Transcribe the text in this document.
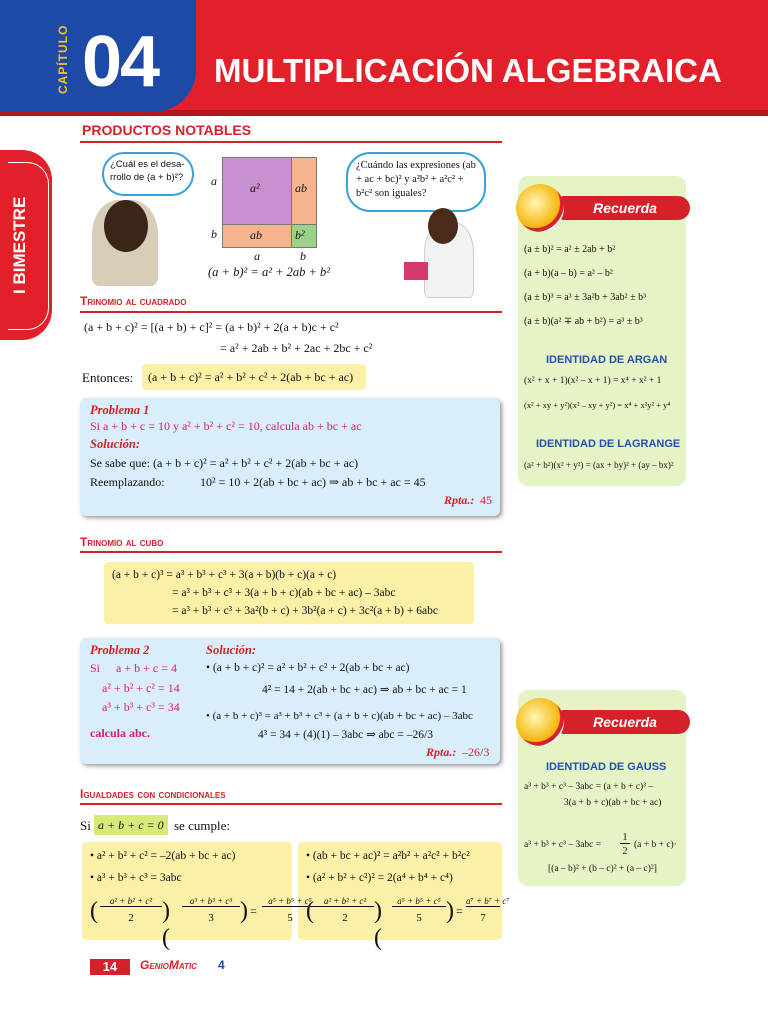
CAPÍTULO 04 MULTIPLICACIÓN ALGEBRAICA
I BIMESTRE
PRODUCTOS NOTABLES
¿Cuál es el desa-rrollo de (a + b)²?	a
b
a²	ab
ab	b²
a	b
(a + b)² = a² + 2ab + b²
¿Cuándo las expresiones (ab + ac + bc)² y a²b² + a²c² + b²c² son iguales?
Trinomio al cuadrado
(a + b + c)² = [(a + b) + c]² = (a + b)² + 2(a + b)c + c²
= a² + 2ab + b² + 2ac + 2bc + c²
Entonces:	(a + b + c)² = a² + b² + c² + 2(ab + bc + ac)
Problema 1
Si a + b + c = 10 y a² + b² + c² = 10, calcula ab + bc + ac
Solución:
Se sabe que: (a + b + c)² = a² + b² + c² + 2(ab + bc + ac)
Reemplazando:	10² = 10 + 2(ab + bc + ac) ⇒ ab + bc + ac = 45
Rpta.: 45
Trinomio al cubo
(a + b + c)³ = a³ + b³ + c³ + 3(a + b)(b + c)(a + c)
= a³ + b³ + c³ + 3(a + b + c)(ab + bc + ac) – 3abc
= a³ + b³ + c³ + 3a²(b + c) + 3b²(a + c) + 3c²(a + b) + 6abc
Problema 2
Si a + b + c = 4
a² + b² + c² = 14
a³ + b³ + c³ = 34
calcula abc.
Solución:
• (a + b + c)² = a² + b² + c² + 2(ab + bc + ac)
4² = 14 + 2(ab + bc + ac) ⇒ ab + bc + ac = 1
• (a + b + c)³ = a³ + b³ + c³ + (a + b + c)(ab + bc + ac) – 3abc
4³ = 34 + (4)(1) – 3abc ⇒ abc = –26/3
Rpta.: –26/3
Igualdades con condicionales
Si a + b + c = 0 se cumple:
• a² + b² + c² = –2(ab + bc + ac)
• a³ + b³ + c³ = 3abc
• (ab + bc + ac)² = a²b² + a²c² + b²c²
• (a² + b² + c²)² = 2(a⁴ + b⁴ + c⁴)
(	a² + b² + c²
2	)(
a³ + b³ + c³
3	) =
a⁵ + b⁵ + c⁵
5 (	a² + b² + c²
2	)(
a⁵ + b⁵ + c⁵
5	) =
a⁷ + b⁷ + c⁷
7
Recuerda
(a ± b)² = a² ± 2ab + b²
(a + b)(a – b) = a² – b²
(a ± b)³ = a³ ± 3a²b + 3ab² ± b³
(a ± b)(a² ∓ ab + b²) = a³ ± b³
IDENTIDAD DE ARGAN
(x² + x + 1)(x² – x + 1) = x⁴ + x² + 1
(x² + xy + y²)(x² – xy + y²) = x⁴ + x²y² + y⁴
IDENTIDAD DE LAGRANGE
(a² + b²)(x² + y²) = (ax + by)² + (ay – bx)²
Recuerda
IDENTIDAD DE GAUSS
a³ + b³ + c³ – 3abc = (a + b + c)³ –
3(a + b + c)(ab + bc + ac)
a³ + b³ + c³ – 3abc =
1
2
(a + b + c)·
[(a – b)² + (b – c)² + (a – c)²]
14	GenioMatic 4
